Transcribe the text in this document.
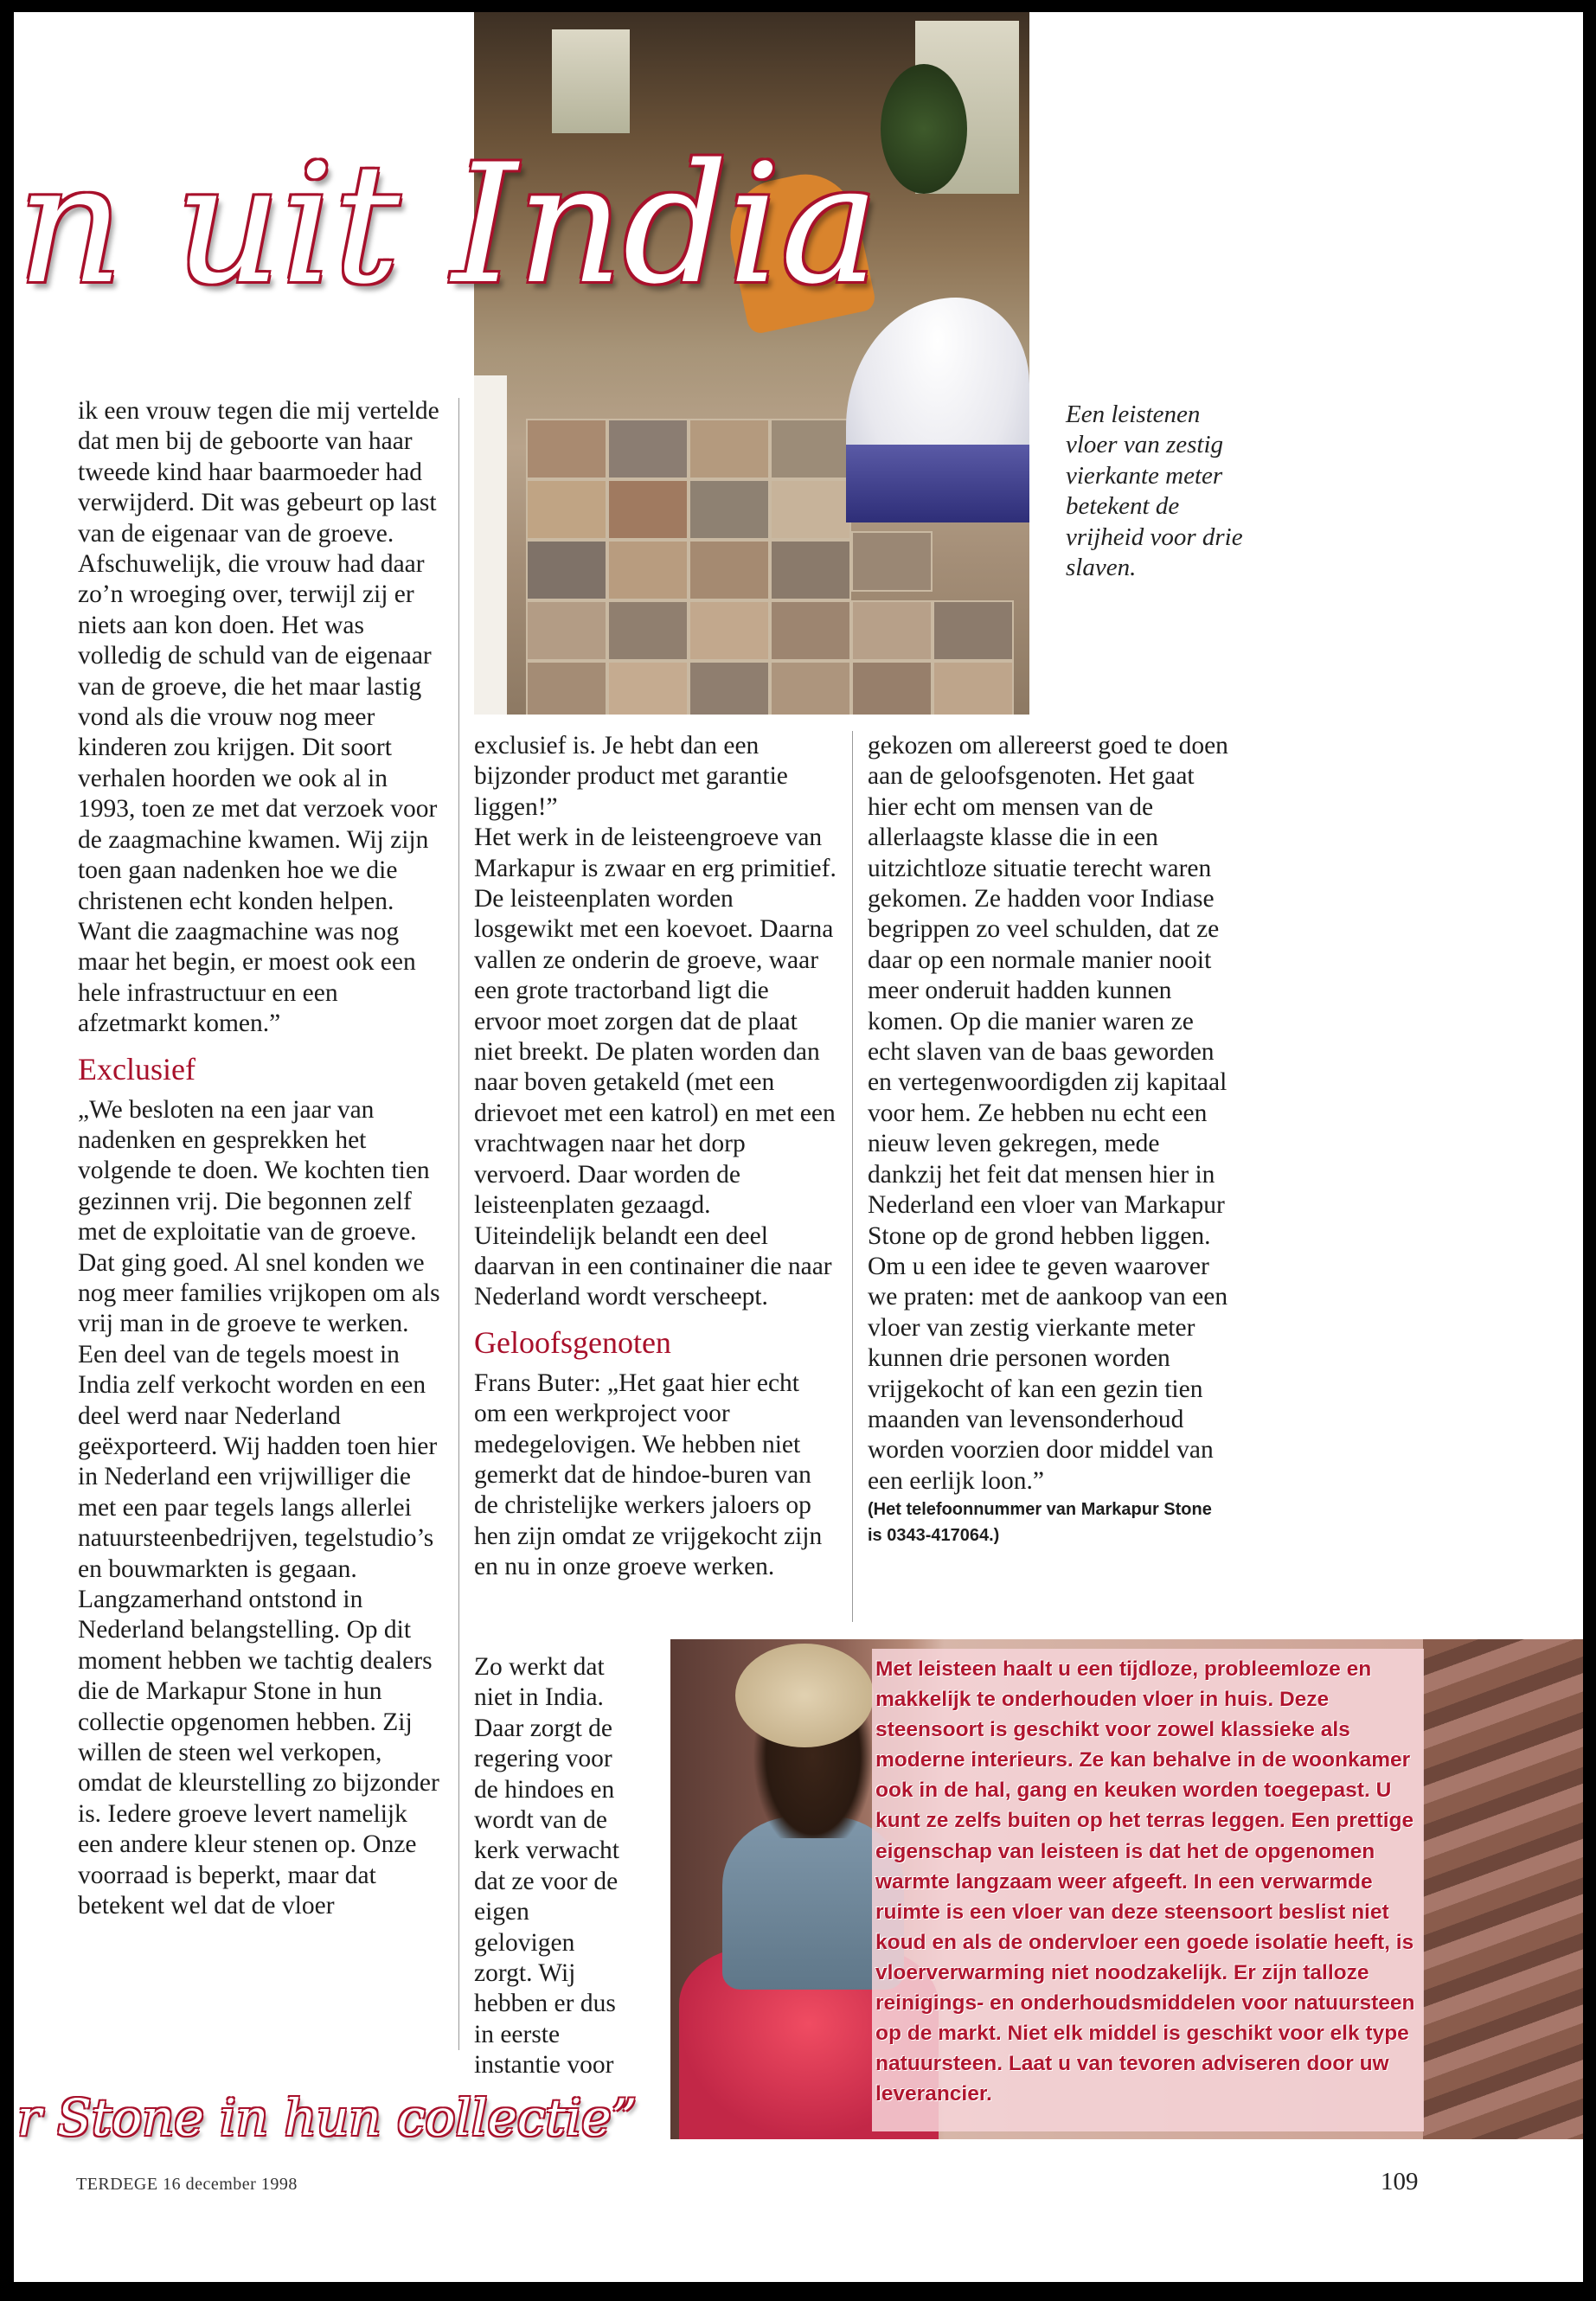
n uit India
Een leistenen vloer van zestig vierkante meter betekent de vrijheid voor drie slaven.

ik een vrouw tegen die mij vertelde dat men bij de geboorte van haar tweede kind haar baarmoeder had verwijderd. Dit was gebeurt op last van de eigenaar van de groeve. Afschuwelijk, die vrouw had daar zo’n wroeging over, terwijl zij er niets aan kon doen. Het was volledig de schuld van de eigenaar van de groeve, die het maar lastig vond als die vrouw nog meer kinderen zou krijgen. Dit soort verhalen hoorden we ook al in 1993, toen ze met dat verzoek voor de zaagmachine kwamen. Wij zijn toen gaan nadenken hoe we die christenen echt konden helpen. Want die zaagmachine was nog maar het begin, er moest ook een hele infrastructuur en een afzetmarkt komen.”

Exclusief

„We besloten na een jaar van nadenken en gesprekken het volgende te doen. We kochten tien gezinnen vrij. Die begonnen zelf met de exploitatie van de groeve. Dat ging goed. Al snel konden we nog meer families vrijkopen om als vrij man in de groeve te werken. Een deel van de tegels moest in India zelf verkocht worden en een deel werd naar Nederland geëxporteerd. Wij hadden toen hier in Nederland een vrijwilliger die met een paar tegels langs allerlei natuursteenbedrijven, tegelstudio’s en bouwmarkten is gegaan. Langzamerhand ontstond in Nederland belangstelling. Op dit moment hebben we tachtig dealers die de Markapur Stone in hun collectie opgenomen hebben. Zij willen de steen wel verkopen, omdat de kleurstelling zo bijzonder is. Iedere groeve levert namelijk een andere kleur stenen op. Onze voorraad is beperkt, maar dat betekent wel dat de vloer

exclusief is. Je hebt dan een bijzonder product met garantie liggen!”

Het werk in de leisteengroeve van Markapur is zwaar en erg primitief. De leisteenplaten worden losgewikt met een koevoet. Daarna vallen ze onderin de groeve, waar een grote tractorband ligt die ervoor moet zorgen dat de plaat niet breekt. De platen worden dan naar boven getakeld (met een drievoet met een katrol) en met een vrachtwagen naar het dorp vervoerd. Daar worden de leisteenplaten gezaagd. Uiteindelijk belandt een deel daarvan in een continainer die naar Nederland wordt verscheept.

Geloofsgenoten

Frans Buter: „Het gaat hier echt om een werkproject voor medegelovigen. We hebben niet gemerkt dat de hindoe-buren van de christelijke werkers jaloers op hen zijn omdat ze vrijgekocht zijn en nu in onze groeve werken.

Zo werkt dat niet in India. Daar zorgt de regering voor de hindoes en wordt van de kerk verwacht dat ze voor de eigen gelovigen zorgt. Wij hebben er dus in eerste instantie voor

gekozen om allereerst goed te doen aan de geloofsgenoten. Het gaat hier echt om mensen van de allerlaagste klasse die in een uitzichtloze situatie terecht waren gekomen. Ze hadden voor Indiase begrippen zo veel schulden, dat ze daar op een normale manier nooit meer onderuit hadden kunnen komen. Op die manier waren ze echt slaven van de baas geworden en vertegenwoordigden zij kapitaal voor hem. Ze hebben nu echt een nieuw leven gekregen, mede dankzij het feit dat mensen hier in Nederland een vloer van Markapur Stone op de grond hebben liggen. Om u een idee te geven waarover we praten: met de aankoop van een vloer van zestig vierkante meter kunnen drie personen worden vrijgekocht of kan een gezin tien maanden van levensonderhoud worden voorzien door middel van een eerlijk loon.”

(Het telefoonnummer van Markapur Stone is 0343-417064.)

Met leisteen haalt u een tijdloze, probleemloze en makkelijk te onderhouden vloer in huis. Deze steensoort is geschikt voor zowel klassieke als moderne interieurs. Ze kan behalve in de woonkamer ook in de hal, gang en keuken worden toegepast. U kunt ze zelfs buiten op het terras leggen. Een prettige eigenschap van leisteen is dat het de opgenomen warmte langzaam weer afgeeft. In een verwarmde ruimte is een vloer van deze steensoort beslist niet koud en als de ondervloer een goede isolatie heeft, is vloerverwarming niet noodzakelijk. Er zijn talloze reinigings- en onderhoudsmiddelen voor natuursteen op de markt. Niet elk middel is geschikt voor elk type natuursteen. Laat u van tevoren adviseren door uw leverancier.
r Stone in hun collectie”
TERDEGE 16 december 1998	109
